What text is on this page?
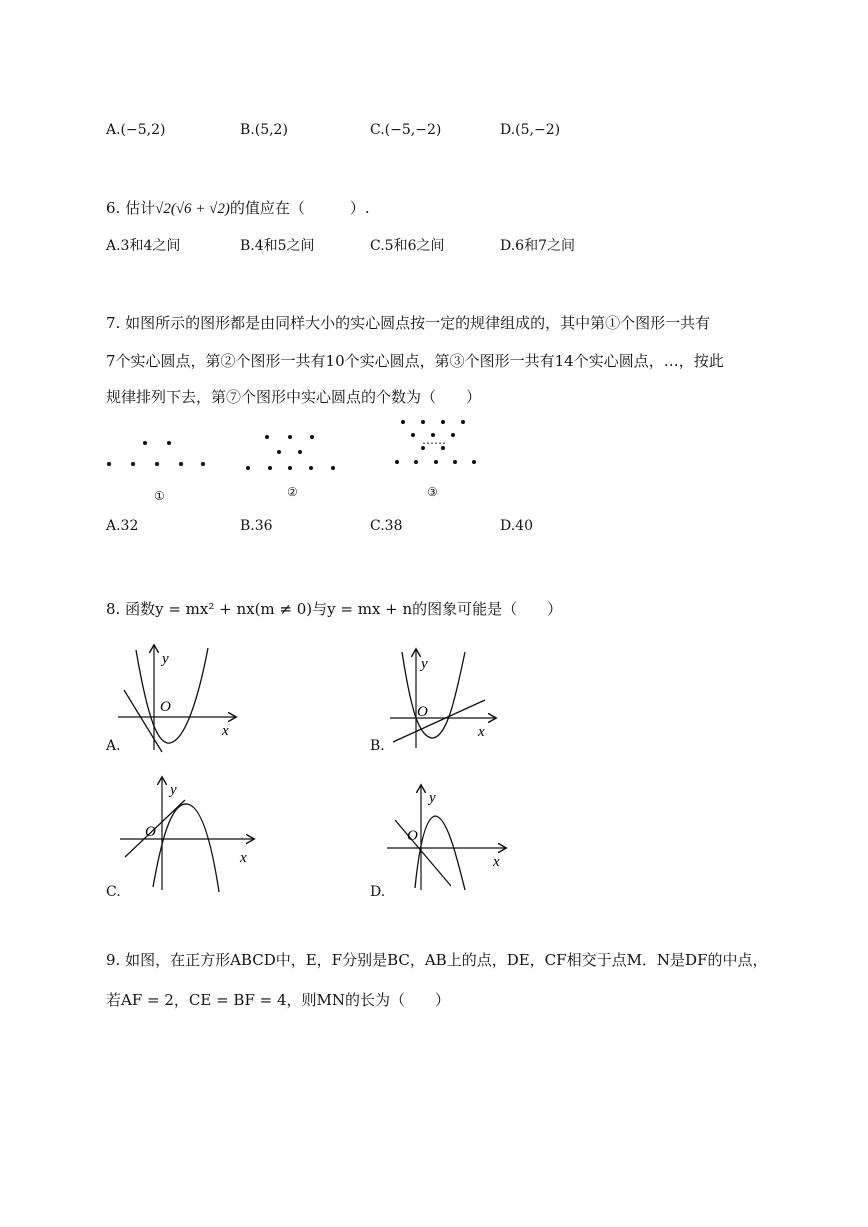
A.(−5,2)	B.(5,2)	C.(−5,−2)	D.(5,−2)
6. 估计√2(√6 + √2)的值应在（　　　）.
A.3和4之间	B.4和5之间	C.5和6之间	D.6和7之间
7. 如图所示的图形都是由同样大小的实心圆点按一定的规律组成的，其中第①个图形一共有
7个实心圆点，第②个图形一共有10个实心圆点，第③个图形一共有14个实心圆点，…，按此
规律排列下去，第⑦个图形中实心圆点的个数为（　　）
……
①	②	③
A.32	B.36	C.38	D.40
8. 函数y = mx² + nx(m ≠ 0)与y = mx + n的图象可能是（　　）
O
y
x
A.
O
y
x
B.
O
y
x
C.
O
y
x
D.
9. 如图，在正方形ABCD中，E，F分别是BC，AB上的点，DE，CF相交于点M．N是DF的中点，
若AF = 2，CE = BF = 4，则MN的长为（　　）
